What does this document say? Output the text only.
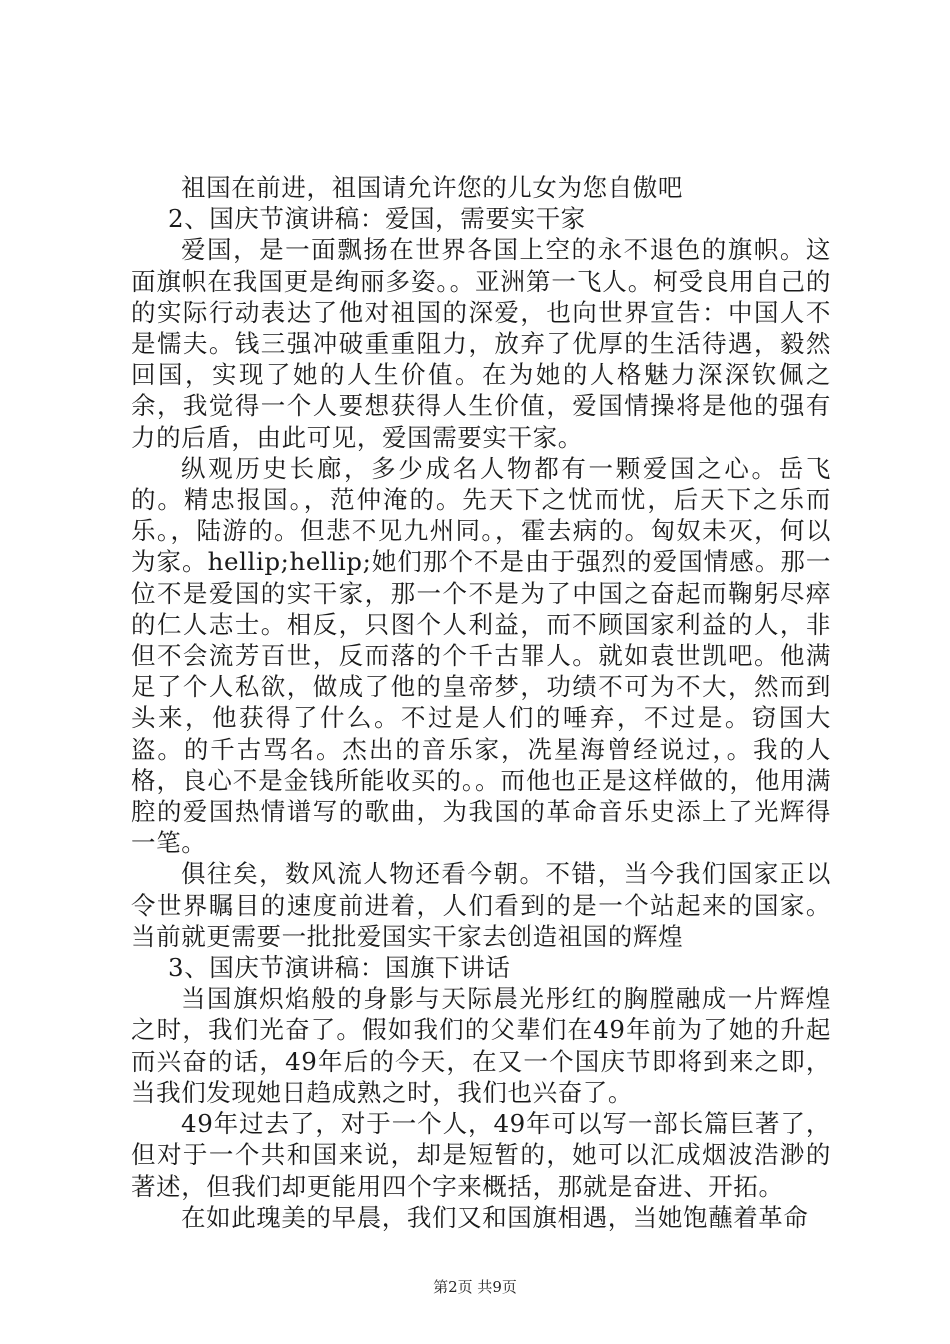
祖国在前进，祖国请允许您的儿女为您自傲吧

2、国庆节演讲稿：爱国，需要实干家

爱国，是一面飘扬在世界各国上空的永不退色的旗帜。这面旗帜在我国更是绚丽多姿。。亚洲第一飞人。柯受良用自己的的实际行动表达了他对祖国的深爱，也向世界宣告：中国人不是懦夫。钱三强冲破重重阻力，放弃了优厚的生活待遇，毅然回国，实现了她的人生价值。在为她的人格魅力深深钦佩之余，我觉得一个人要想获得人生价值，爱国情操将是他的强有力的后盾，由此可见，爱国需要实干家。

纵观历史长廊，多少成名人物都有一颗爱国之心。岳飞的。精忠报国。，范仲淹的。先天下之忧而忧，后天下之乐而乐。，陆游的。但悲不见九州同。，霍去病的。匈奴未灭，何以为家。hellip;hellip;她们那个不是由于强烈的爱国情感。那一位不是爱国的实干家，那一个不是为了中国之奋起而鞠躬尽瘁的仁人志士。相反，只图个人利益，而不顾国家利益的人，非但不会流芳百世，反而落的个千古罪人。就如袁世凯吧。他满足了个人私欲，做成了他的皇帝梦，功绩不可为不大，然而到头来，他获得了什么。不过是人们的唾弃，不过是。窃国大盗。的千古骂名。杰出的音乐家，冼星海曾经说过，。我的人格，良心不是金钱所能收买的。。而他也正是这样做的，他用满腔的爱国热情谱写的歌曲，为我国的革命音乐史添上了光辉得一笔。

俱往矣，数风流人物还看今朝。不错，当今我们国家正以令世界瞩目的速度前进着，人们看到的是一个站起来的国家。当前就更需要一批批爱国实干家去创造祖国的辉煌

3、国庆节演讲稿：国旗下讲话

当国旗炽焰般的身影与天际晨光彤红的胸膛融成一片辉煌之时，我们光奋了。假如我们的父辈们在49年前为了她的升起而兴奋的话，49年后的今天，在又一个国庆节即将到来之即，当我们发现她日趋成熟之时，我们也兴奋了。

49年过去了，对于一个人，49年可以写一部长篇巨著了，但对于一个共和国来说，却是短暂的，她可以汇成烟波浩渺的著述，但我们却更能用四个字来概括，那就是奋进、开拓。

在如此瑰美的早晨，我们又和国旗相遇，当她饱蘸着革命

第2页 共9页
